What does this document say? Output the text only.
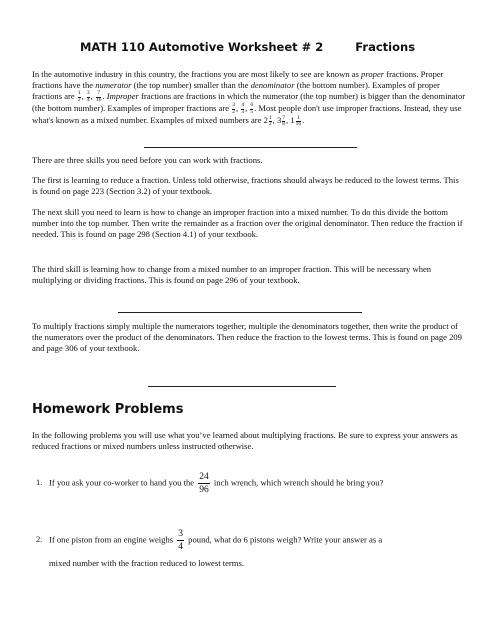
MATH 110 Automotive Worksheet # 2	Fractions
In the automotive industry in this country, the fractions you are most likely to see are known as proper fractions. Proper fractions have the numerator (the top number) smaller than the denominator (the bottom number). Examples of proper fractions are $\frac{1}{2}$ , $\frac{3}{4}$ , $\frac{7}{16}$ . Improper fractions are fractions in which the numerator (the top number) is bigger than the denominator (the bottom number). Examples of improper fractions are $\frac{3}{2}$ , $\frac{4}{3}$ , $\frac{6}{5}$ . Most people don't use improper fractions. Instead, they use what's known as a mixed number. Examples of mixed numbers are $2 \frac{1}{2}$ , $3 \frac{7}{8}$ , $1 \frac{1}{16}$ .
There are three skills you need before you can work with fractions.
The first is learning to reduce a fraction. Unless told otherwise, fractions should always be reduced to the lowest terms. This is found on page 223 (Section 3.2) of your textbook.
The next skill you need to learn is how to change an improper fraction into a mixed number. To do this divide the bottom number into the top number. Then write the remainder as a fraction over the original denominator. Then reduce the fraction if needed. This is found on page 298 (Section 4.1) of your textbook.
The third skill is learning how to change from a mixed number to an improper fraction. This will be necessary when multiplying or dividing fractions. This is found on page 296 of your textbook.
To multiply fractions simply multiple the numerators together, multiple the denominators together, then write the product of the numerators over the product of the denominators. Then reduce the fraction to the lowest terms. This is found on page 209 and page 306 of your textbook.
Homework Problems
In the following problems you will use what you’ve learned about multiplying fractions. Be sure to express your answers as reduced fractions or mixed numbers unless instructed otherwise.
1. If you ask your co-worker to hand you the $\frac{24}{96}$ inch wrench, which wrench should he bring you?
2. If one piston from an engine weighs $\frac{3}{4}$ pound, what do 6 pistons weigh? Write your answer as a
mixed number with the fraction reduced to lowest terms.
